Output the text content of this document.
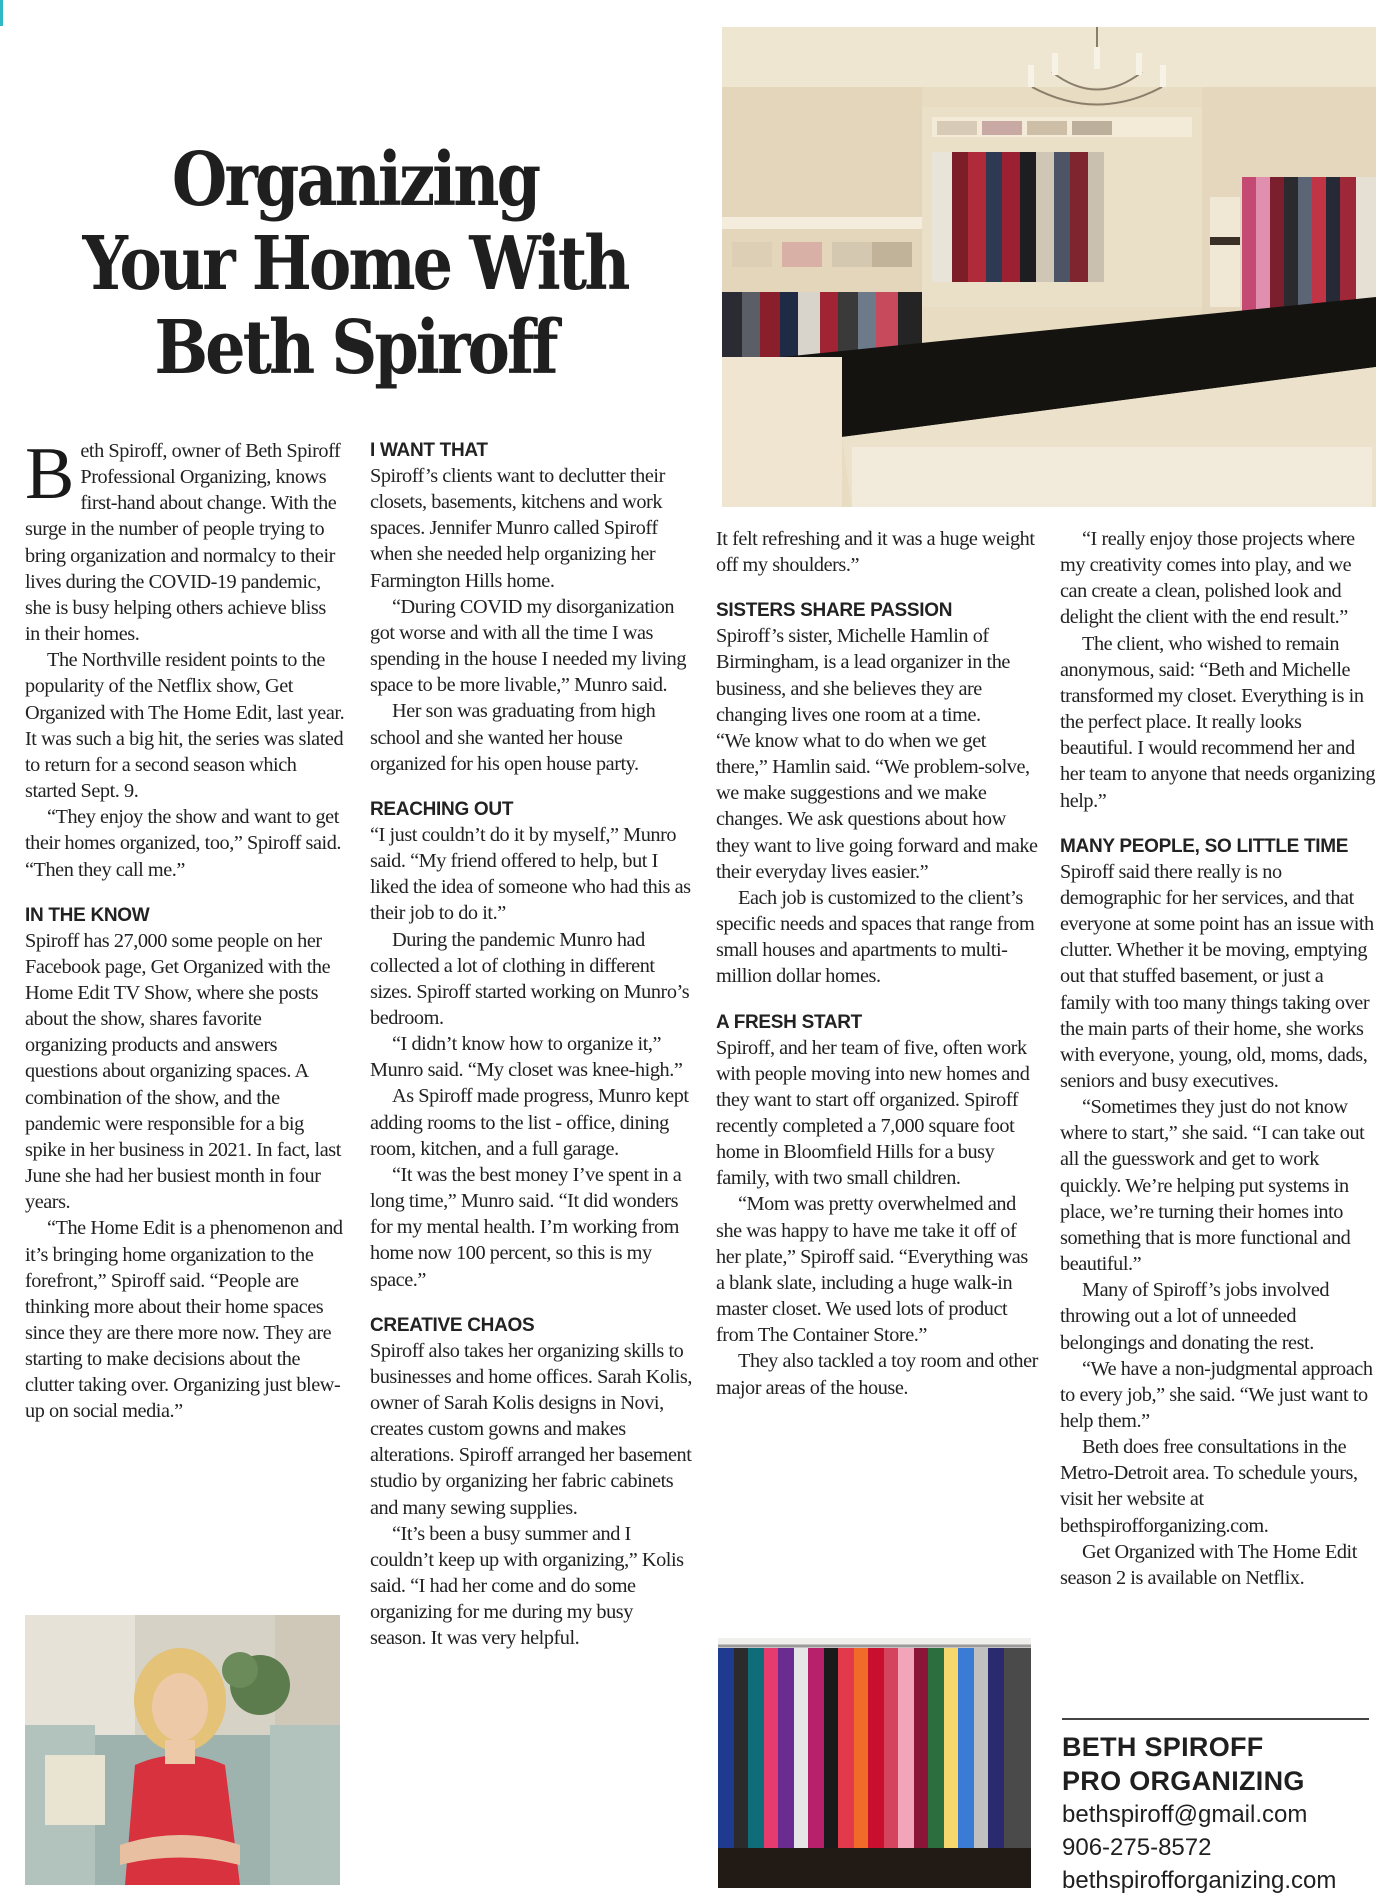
Organizing
Your Home With
Beth Spiroff

Beth Spiroff, owner of Beth Spiroff Professional Organizing, knows first-hand about change. With the surge in the number of people trying to bring organization and normalcy to their lives during the COVID-19 pandemic, she is busy helping others achieve bliss in their homes.

The Northville resident points to the popularity of the Netflix show, Get Organized with The Home Edit, last year. It was such a big hit, the series was slated to return for a second season which started Sept. 9.

“They enjoy the show and want to get their homes organized, too,” Spiroff said. “Then they call me.”

IN THE KNOW

Spiroff has 27,000 some people on her Facebook page, Get Organized with the Home Edit TV Show, where she posts about the show, shares favorite organizing products and answers questions about organizing spaces. A combination of the show, and the pandemic were responsible for a big spike in her business in 2021. In fact, last June she had her busiest month in four years.

“The Home Edit is a phenomenon and it’s bringing home organization to the forefront,” Spiroff said. “People are thinking more about their home spaces since they are there more now. They are starting to make decisions about the clutter taking over. Organizing just blew-up on social media.”

I WANT THAT

Spiroff’s clients want to declutter their closets, basements, kitchens and work spaces. Jennifer Munro called Spiroff when she needed help organizing her Farmington Hills home.

“During COVID my disorganization got worse and with all the time I was spending in the house I needed my living space to be more livable,” Munro said.

Her son was graduating from high school and she wanted her house organized for his open house party.

REACHING OUT

“I just couldn’t do it by myself,” Munro said. “My friend offered to help, but I liked the idea of someone who had this as their job to do it.”

During the pandemic Munro had collected a lot of clothing in different sizes. Spiroff started working on Munro’s bedroom.

“I didn’t know how to organize it,” Munro said. “My closet was knee-high.”

As Spiroff made progress, Munro kept adding rooms to the list - office, dining room, kitchen, and a full garage.

“It was the best money I’ve spent in a long time,” Munro said. “It did wonders for my mental health. I’m working from home now 100 percent, so this is my space.”

CREATIVE CHAOS

Spiroff also takes her organizing skills to businesses and home offices. Sarah Kolis, owner of Sarah Kolis designs in Novi, creates custom gowns and makes alterations. Spiroff arranged her basement studio by organizing her fabric cabinets and many sewing supplies.

“It’s been a busy summer and I couldn’t keep up with organizing,” Kolis said. “I had her come and do some organizing for me during my busy season. It was very helpful.

It felt refreshing and it was a huge weight off my shoulders.”

SISTERS SHARE PASSION

Spiroff’s sister, Michelle Hamlin of Birmingham, is a lead organizer in the business, and she believes they are changing lives one room at a time.

“We know what to do when we get there,” Hamlin said. “We problem-solve, we make suggestions and we make changes. We ask questions about how they want to live going forward and make their everyday lives easier.”

Each job is customized to the client’s specific needs and spaces that range from small houses and apartments to multi-million dollar homes.

A FRESH START

Spiroff, and her team of five, often work with people moving into new homes and they want to start off organized. Spiroff recently completed a 7,000 square foot home in Bloomfield Hills for a busy family, with two small children.

“Mom was pretty overwhelmed and she was happy to have me take it off of her plate,” Spiroff said. “Everything was a blank slate, including a huge walk-in master closet. We used lots of product from The Container Store.”

They also tackled a toy room and other major areas of the house.

“I really enjoy those projects where my creativity comes into play, and we can create a clean, polished look and delight the client with the end result.”

The client, who wished to remain anonymous, said: “Beth and Michelle transformed my closet. Everything is in the perfect place. It really looks beautiful. I would recommend her and her team to anyone that needs organizing help.”

MANY PEOPLE, SO LITTLE TIME

Spiroff said there really is no demographic for her services, and that everyone at some point has an issue with clutter. Whether it be moving, emptying out that stuffed basement, or just a family with too many things taking over the main parts of their home, she works with everyone, young, old, moms, dads, seniors and busy executives.

“Sometimes they just do not know where to start,” she said. “I can take out all the guesswork and get to work quickly. We’re helping put systems in place, we’re turning their homes into something that is more functional and beautiful.”

Many of Spiroff’s jobs involved throwing out a lot of unneeded belongings and donating the rest.

“We have a non-judgmental approach to every job,” she said. “We just want to help them.”

Beth does free consultations in the Metro-Detroit area. To schedule yours, visit her website at bethspirofforganizing.com.

Get Organized with The Home Edit season 2 is available on Netflix.

BETH SPIROFF
PRO ORGANIZING
bethspiroff@gmail.com
906-275-8572
bethspirofforganizing.com
